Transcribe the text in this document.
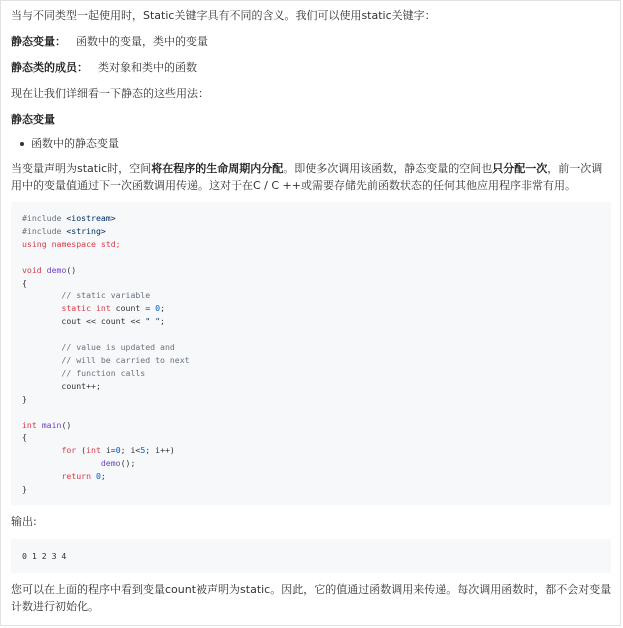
当与不同类型一起使用时，Static关键字具有不同的含义。我们可以使用static关键字：

静态变量： 函数中的变量，类中的变量

静态类的成员： 类对象和类中的函数

现在让我们详细看一下静态的这些用法：

静态变量

函数中的静态变量

当变量声明为static时，空间将在程序的生命周期内分配。即使多次调用该函数，静态变量的空间也只分配一次，前一次调用中的变量值通过下一次函数调用传递。这对于在C / C ++或需要存储先前函数状态的任何其他应用程序非常有用。

#include <iostream>
#include <string>
using namespace std;

void demo()
{
// static variable
static int count = 0;
cout << count << " ";

// value is updated and
// will be carried to next
// function calls
count++;
}

int main()
{
for (int i=0; i<5; i++)
demo();
return 0;
}

输出:

0 1 2 3 4

您可以在上面的程序中看到变量count被声明为static。因此，它的值通过函数调用来传递。每次调用函数时，都不会对变量计数进行初始化。
